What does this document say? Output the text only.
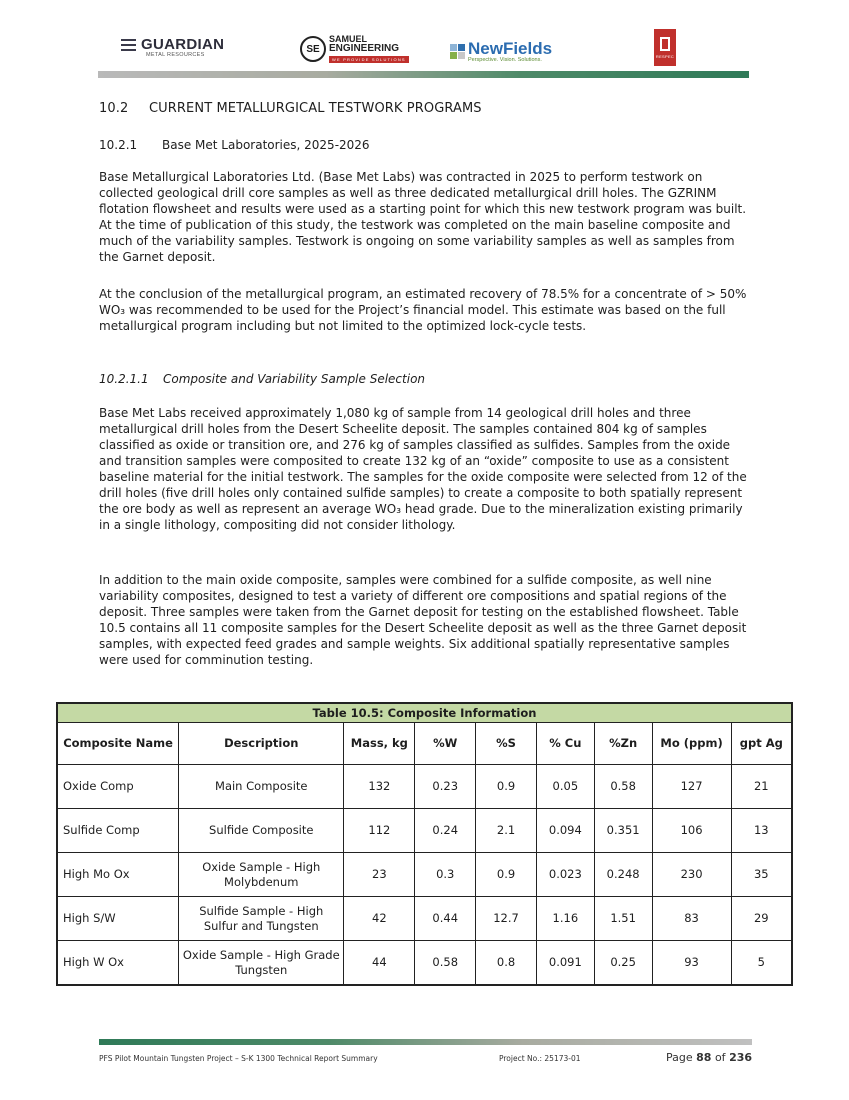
GUARDIAN
METAL RESOURCES
SE
SAMUEL
ENGINEERING
WE PROVIDE SOLUTIONS
NewFields
Perspective. Vision. Solutions.
RESPEC
10.2 CURRENT METALLURGICAL TESTWORK PROGRAMS
10.2.1 Base Met Laboratories, 2025-2026
Base Metallurgical Laboratories Ltd. (Base Met Labs) was contracted in 2025 to perform testwork on collected geological drill core samples as well as three dedicated metallurgical drill holes. The GZRINM flotation flowsheet and results were used as a starting point for which this new testwork program was built. At the time of publication of this study, the testwork was completed on the main baseline composite and much of the variability samples. Testwork is ongoing on some variability samples as well as samples from the Garnet deposit.
At the conclusion of the metallurgical program, an estimated recovery of 78.5% for a concentrate of > 50% WO₃ was recommended to be used for the Project’s financial model. This estimate was based on the full metallurgical program including but not limited to the optimized lock-cycle tests.
10.2.1.1 Composite and Variability Sample Selection
Base Met Labs received approximately 1,080 kg of sample from 14 geological drill holes and three metallurgical drill holes from the Desert Scheelite deposit. The samples contained 804 kg of samples classified as oxide or transition ore, and 276 kg of samples classified as sulfides. Samples from the oxide and transition samples were composited to create 132 kg of an “oxide” composite to use as a consistent baseline material for the initial testwork. The samples for the oxide composite were selected from 12 of the drill holes (five drill holes only contained sulfide samples) to create a composite to both spatially represent the ore body as well as represent an average WO₃ head grade. Due to the mineralization existing primarily in a single lithology, compositing did not consider lithology.
In addition to the main oxide composite, samples were combined for a sulfide composite, as well nine variability composites, designed to test a variety of different ore compositions and spatial regions of the deposit. Three samples were taken from the Garnet deposit for testing on the established flowsheet. Table 10.5 contains all 11 composite samples for the Desert Scheelite deposit as well as the three Garnet deposit samples, with expected feed grades and sample weights. Six additional spatially representative samples were used for comminution testing.
Table 10.5: Composite Information								
Composite Name	Description	Mass, kg	%W	%S	% Cu	%Zn	Mo (ppm)	gpt Ag
Oxide Comp	Main Composite	132	0.23	0.9	0.05	0.58	127	21
Sulfide Comp	Sulfide Composite	112	0.24	2.1	0.094	0.351	106	13
High Mo Ox	Oxide Sample - High Molybdenum	23	0.3	0.9	0.023	0.248	230	35
High S/W	Sulfide Sample - High Sulfur and Tungsten	42	0.44	12.7	1.16	1.51	83	29
High W Ox	Oxide Sample - High Grade Tungsten	44	0.58	0.8	0.091	0.25	93	5
PFS Pilot Mountain Tungsten Project – S-K 1300 Technical Report Summary	Project No.: 25173-01	Page 88 of 236
